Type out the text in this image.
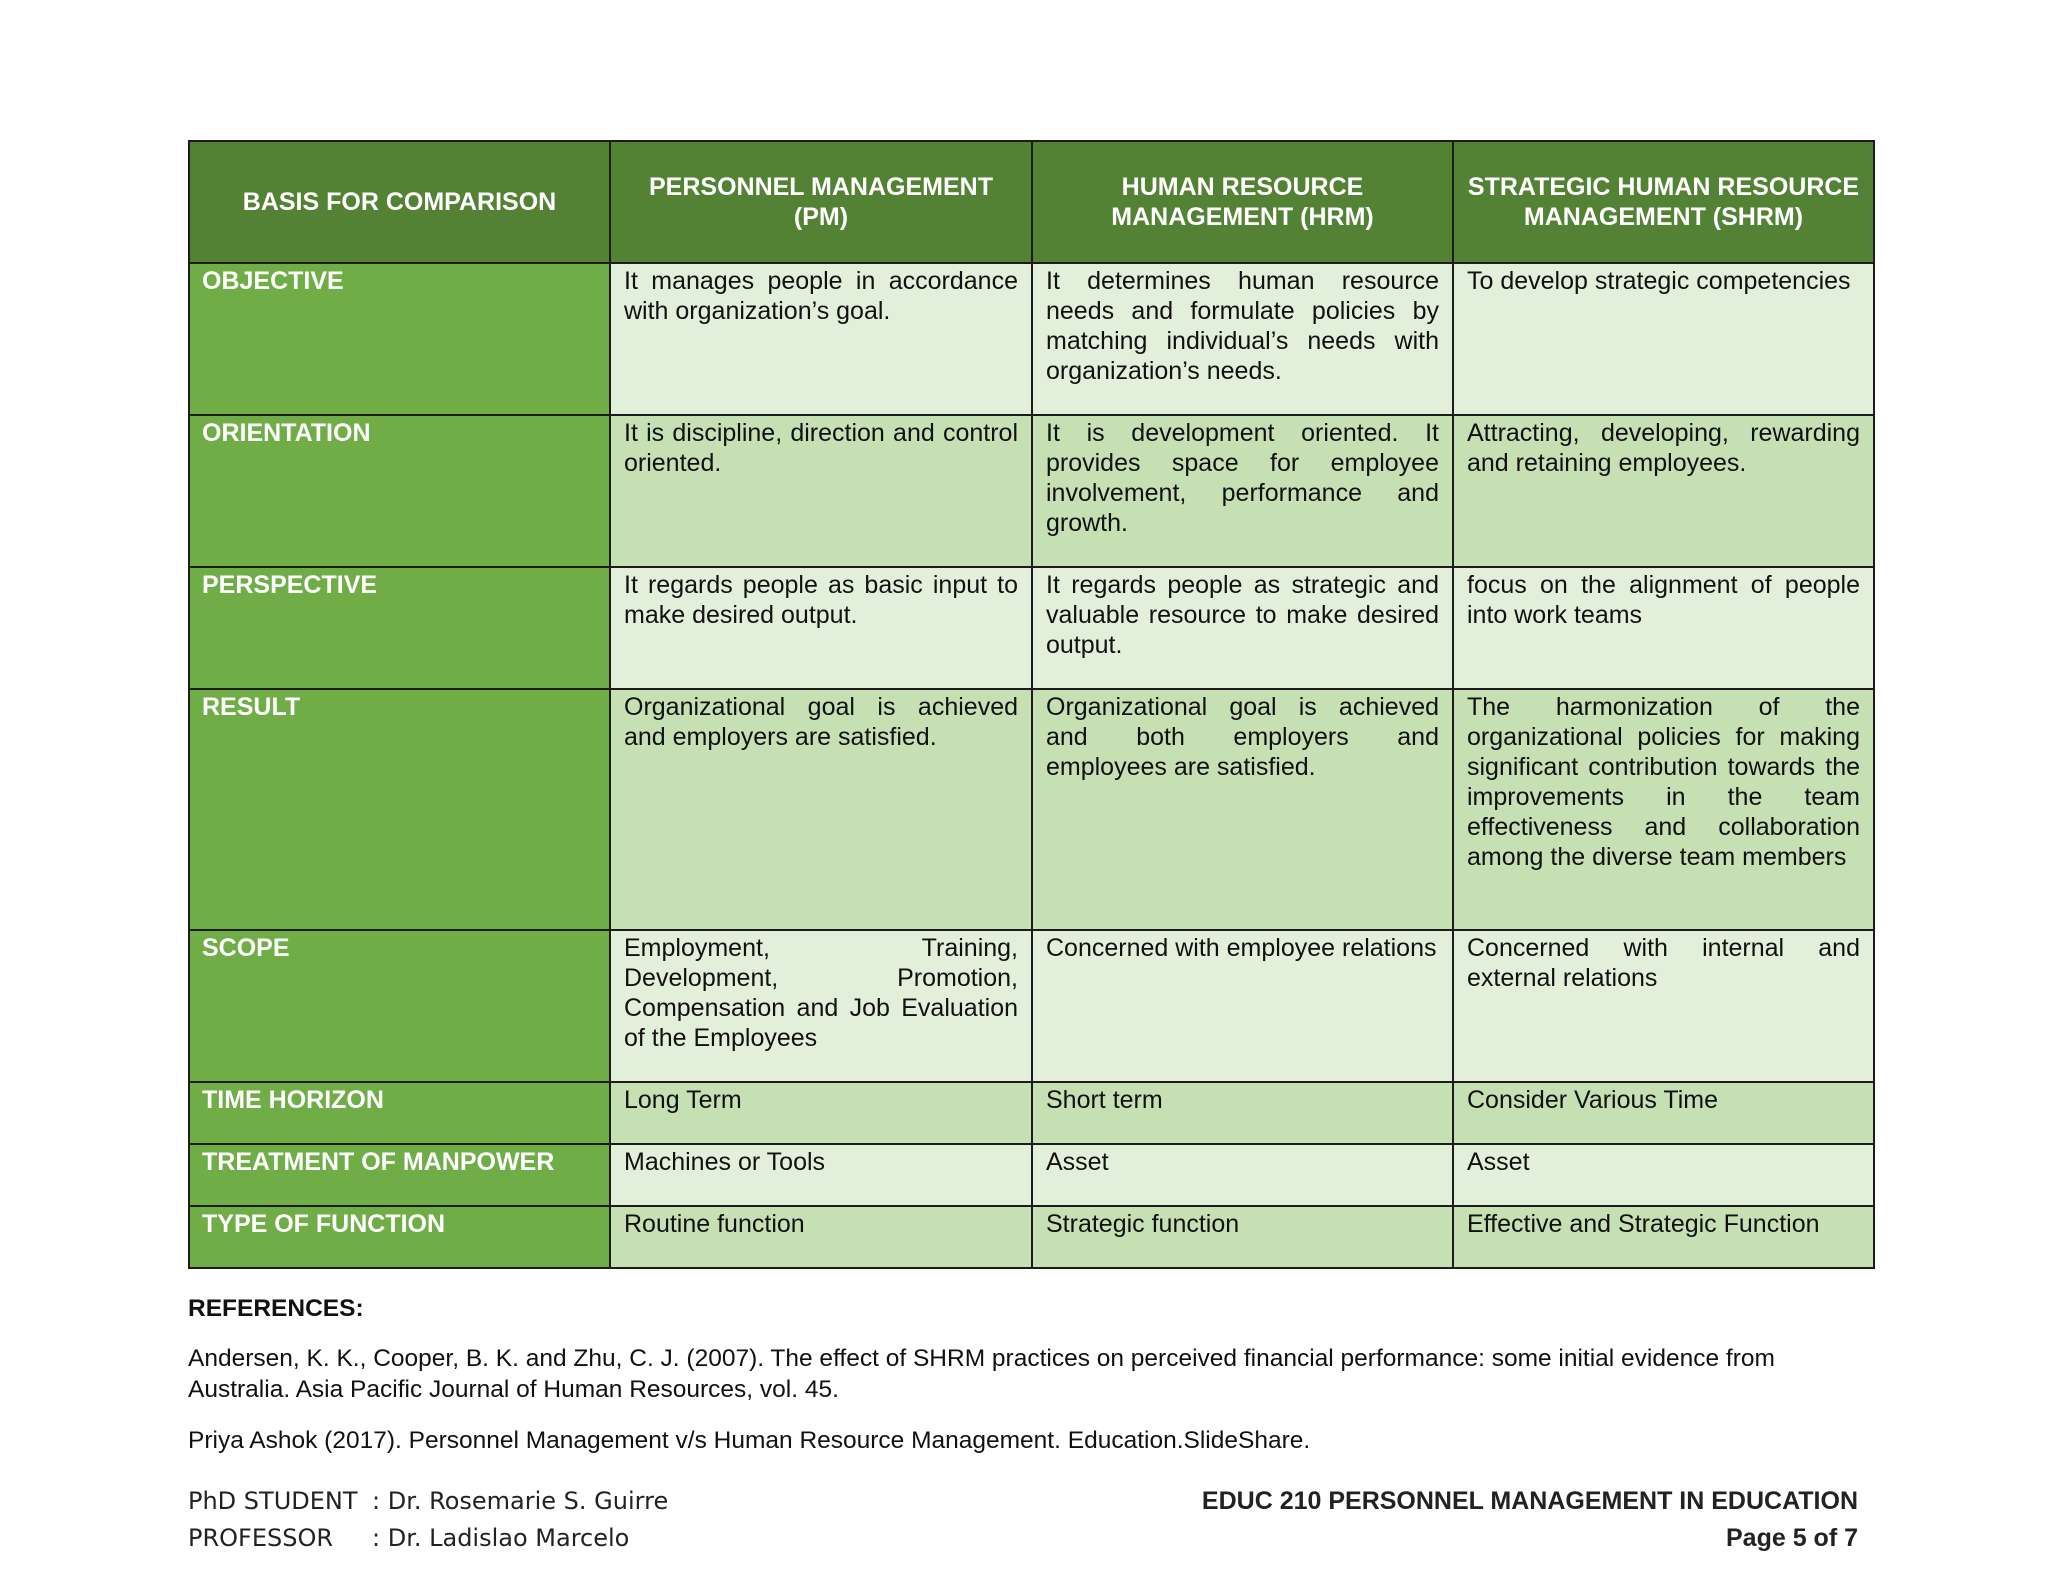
BASIS FOR COMPARISON	PERSONNEL MANAGEMENT (PM)	HUMAN RESOURCE MANAGEMENT (HRM)	STRATEGIC HUMAN RESOURCE MANAGEMENT (SHRM)
OBJECTIVE	It manages people in accordance with organization’s goal.	It determines human resource needs and formulate policies by matching individual’s needs with organization’s needs.	To develop strategic competencies
ORIENTATION	It is discipline, direction and control oriented.	It is development oriented. It provides space for employee involvement, performance and growth.	Attracting, developing, rewarding and retaining employees.
PERSPECTIVE	It regards people as basic input to make desired output.	It regards people as strategic and valuable resource to make desired output.	focus on the alignment of people into work teams
RESULT	Organizational goal is achieved and employers are satisfied.	Organizational goal is achieved and both employers and employees are satisfied.	The harmonization of the organizational policies for making significant contribution towards the improvements in the team effectiveness and collaboration among the diverse team members
SCOPE	Employment, Training, Development, Promotion, Compensation and Job Evaluation of the Employees	Concerned with employee relations	Concerned with internal and external relations
TIME HORIZON	Long Term	Short term	Consider Various Time
TREATMENT OF MANPOWER	Machines or Tools	Asset	Asset
TYPE OF FUNCTION	Routine function	Strategic function	Effective and Strategic Function
REFERENCES:

Andersen, K. K., Cooper, B. K. and Zhu, C. J. (2007). The effect of SHRM practices on perceived financial performance: some initial evidence from Australia. Asia Pacific Journal of Human Resources, vol. 45.

Priya Ashok (2017). Personnel Management v/s Human Resource Management. Education.SlideShare.

PhD STUDENT : Dr. Rosemarie S. Guirre
PROFESSOR : Dr. Ladislao Marcelo
EDUC 210 PERSONNEL MANAGEMENT IN EDUCATION
Page 5 of 7
